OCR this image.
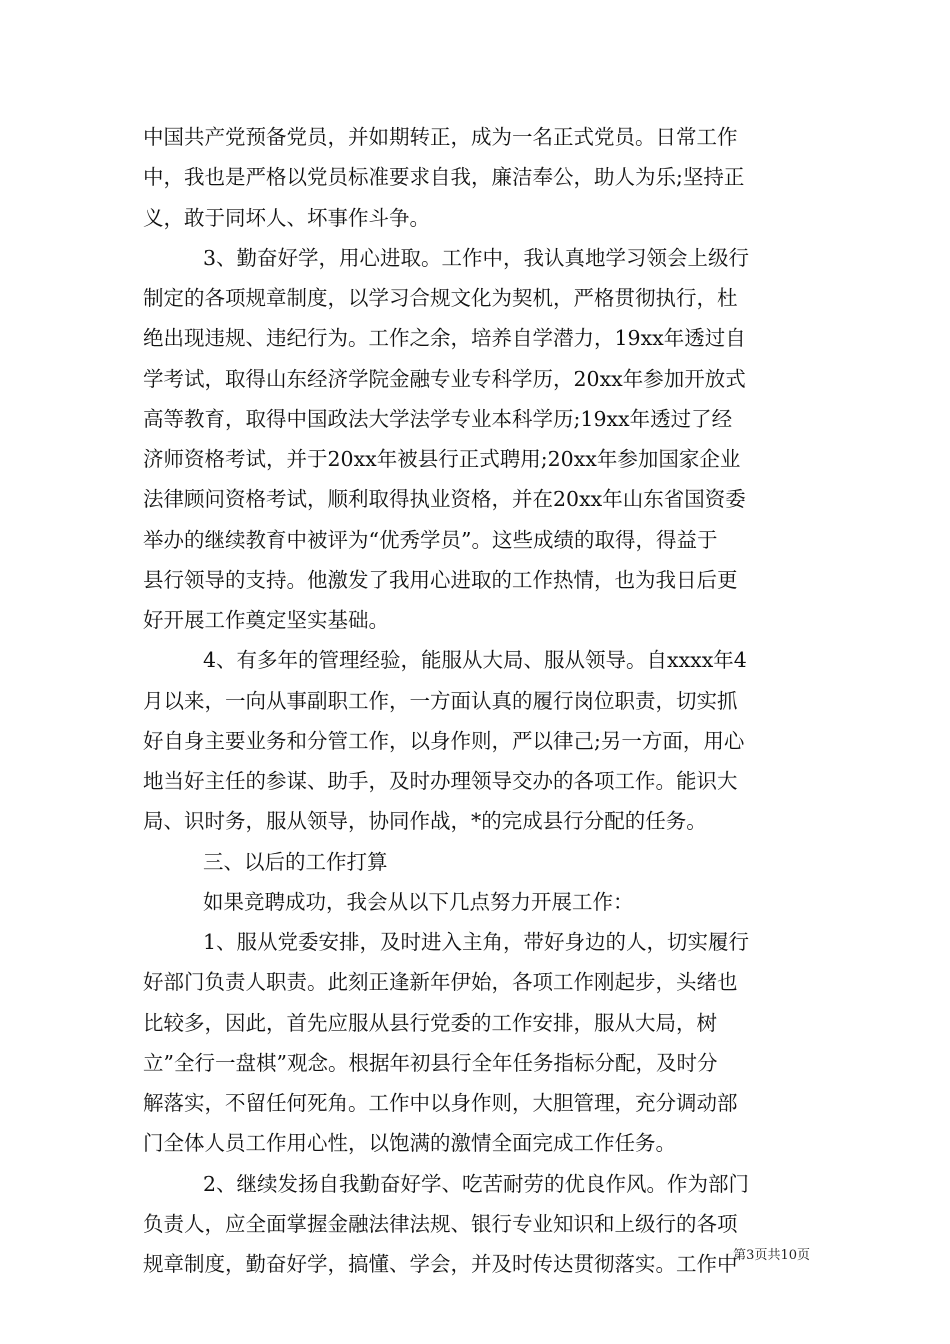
中国共产党预备党员，并如期转正，成为一名正式党员。日常工作
中，我也是严格以党员标准要求自我，廉洁奉公，助人为乐;坚持正
义，敢于同坏人、坏事作斗争。
3、勤奋好学，用心进取。工作中，我认真地学习领会上级行
制定的各项规章制度，以学习合规文化为契机，严格贯彻执行，杜
绝出现违规、违纪行为。工作之余，培养自学潜力，19xx年透过自
学考试，取得山东经济学院金融专业专科学历，20xx年参加开放式
高等教育，取得中国政法大学法学专业本科学历;19xx年透过了经
济师资格考试，并于20xx年被县行正式聘用;20xx年参加国家企业
法律顾问资格考试，顺利取得执业资格，并在20xx年山东省国资委
举办的继续教育中被评为“优秀学员”。这些成绩的取得，得益于
县行领导的支持。他激发了我用心进取的工作热情，也为我日后更
好开展工作奠定坚实基础。
4、有多年的管理经验，能服从大局、服从领导。自xxxx年4
月以来，一向从事副职工作，一方面认真的履行岗位职责，切实抓
好自身主要业务和分管工作，以身作则，严以律己;另一方面，用心
地当好主任的参谋、助手，及时办理领导交办的各项工作。能识大
局、识时务，服从领导，协同作战，*的完成县行分配的任务。
三、以后的工作打算
如果竞聘成功，我会从以下几点努力开展工作：
1、服从党委安排，及时进入主角，带好身边的人，切实履行
好部门负责人职责。此刻正逢新年伊始，各项工作刚起步，头绪也
比较多，因此，首先应服从县行党委的工作安排，服从大局，树
立”全行一盘棋”观念。根据年初县行全年任务指标分配，及时分
解落实，不留任何死角。工作中以身作则，大胆管理，充分调动部
门全体人员工作用心性，以饱满的激情全面完成工作任务。
2、继续发扬自我勤奋好学、吃苦耐劳的优良作风。作为部门
负责人，应全面掌握金融法律法规、银行专业知识和上级行的各项
规章制度，勤奋好学，搞懂、学会，并及时传达贯彻落实。工作中
第3页共10页
